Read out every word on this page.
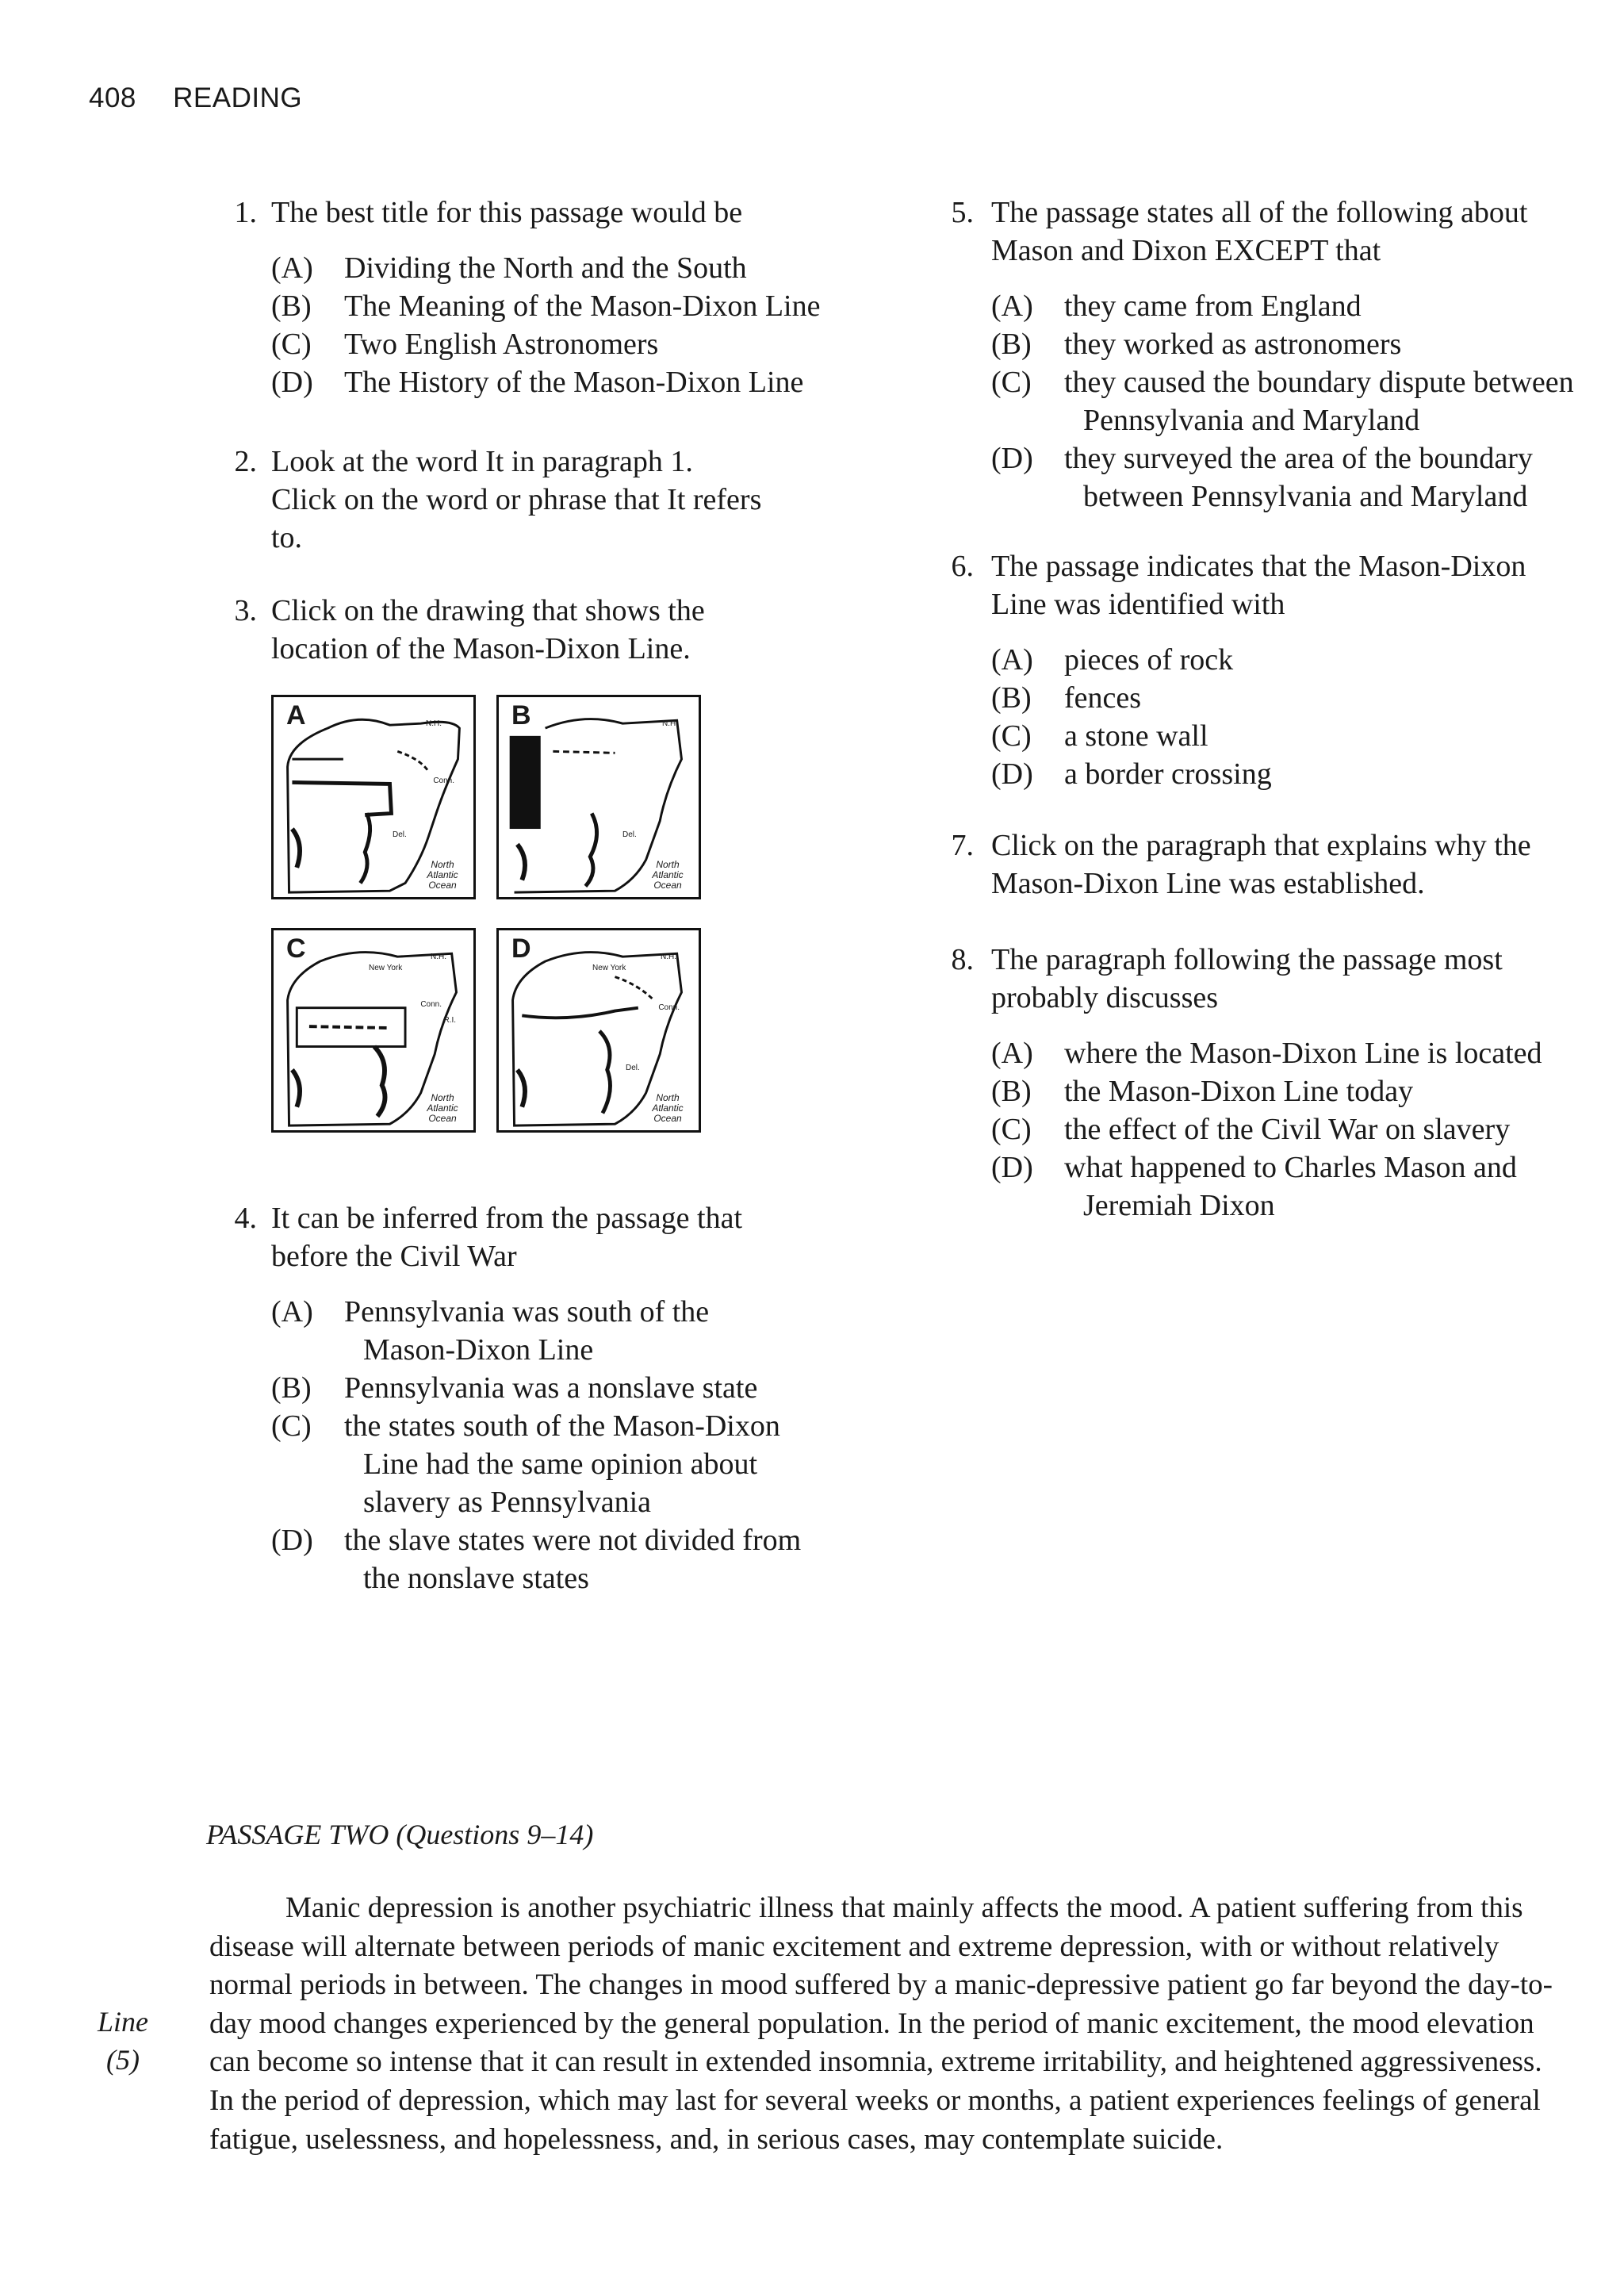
408 READING
1. The best title for this passage would be
(A) Dividing the North and the South
(B) The Meaning of the Mason-Dixon Line
(C) Two English Astronomers
(D) The History of the Mason-Dixon Line
2. Look at the word It in paragraph 1. Click on the word or phrase that It refers to.
3. Click on the drawing that shows the location of the Mason-Dixon Line.
A	N.H.
Conn.
Del.
North Atlantic Ocean
B	N.H.
Del.
North Atlantic Ocean
C	N.H.
New York
Conn.
R.I.
North Atlantic Ocean
D	N.H.
New York
Conn.
Del.
North Atlantic Ocean
4. It can be inferred from the passage that before the Civil War
(A) Pennsylvania was south of the Mason-Dixon Line
(B) Pennsylvania was a nonslave state
(C) the states south of the Mason-Dixon Line had the same opinion about slavery as Pennsylvania
(D) the slave states were not divided from the nonslave states
5. The passage states all of the following about Mason and Dixon EXCEPT that
(A) they came from England
(B) they worked as astronomers
(C) they caused the boundary dispute between Pennsylvania and Maryland
(D) they surveyed the area of the boundary between Pennsylvania and Maryland
6. The passage indicates that the Mason-Dixon Line was identified with
(A) pieces of rock
(B) fences
(C) a stone wall
(D) a border crossing
7. Click on the paragraph that explains why the Mason-Dixon Line was established.
8. The paragraph following the passage most probably discusses
(A) where the Mason-Dixon Line is located
(B) the Mason-Dixon Line today
(C) the effect of the Civil War on slavery
(D) what happened to Charles Mason and Jeremiah Dixon
PASSAGE TWO (Questions 9–14)
Line
(5)

Manic depression is another psychiatric illness that mainly affects the mood. A patient suffering from this disease will alternate between periods of manic excitement and extreme depression, with or without relatively normal periods in between. The changes in mood suffered by a manic-depressive patient go far beyond the day-to-day mood changes experienced by the general population. In the period of manic excitement, the mood elevation can become so intense that it can result in extended insomnia, extreme irritability, and heightened aggressiveness. In the period of depression, which may last for several weeks or months, a patient experiences feelings of general fatigue, uselessness, and hopelessness, and, in serious cases, may contemplate suicide.
